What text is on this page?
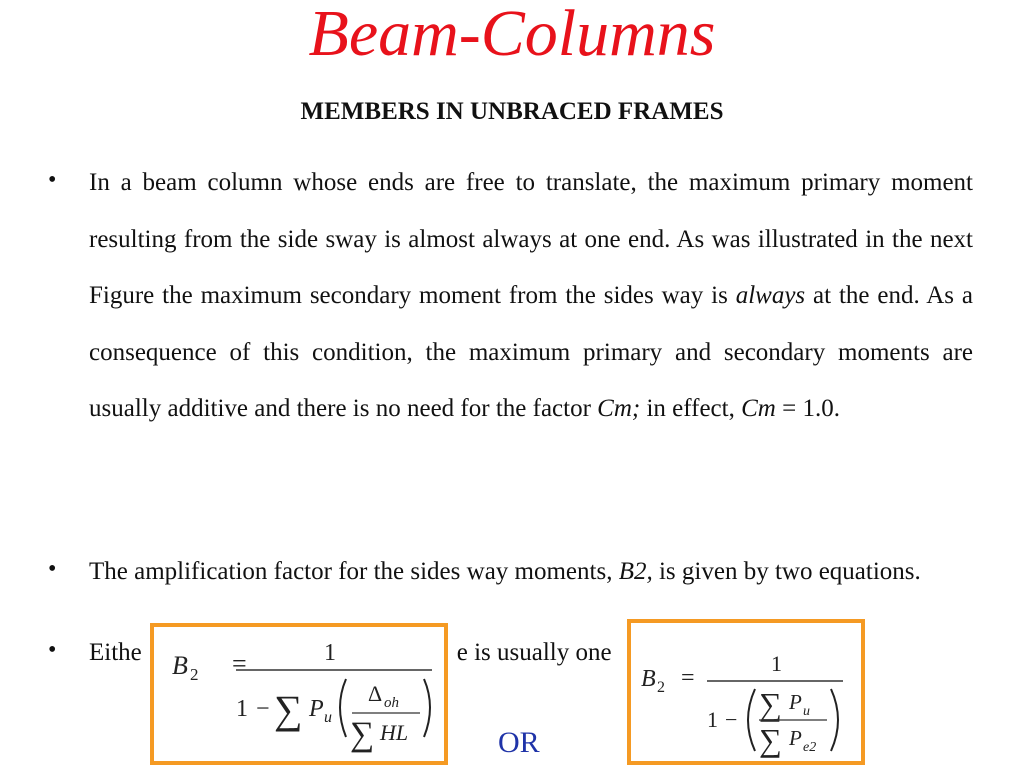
Beam-Columns
MEMBERS IN UNBRACED FRAMES
• In a beam column whose ends are free to translate, the maximum primary moment resulting from the side sway is almost always at one end. As was illustrated in the next Figure the maximum secondary moment from the sides way is always at the end. As a consequence of this condition, the maximum primary and secondary moments are usually additive and there is no need for the factor Cm; in effect, Cm = 1.0.
• The amplification factor for the sides way moments, B2, is given by two equations.
• Eithe	e is usually one
B 2 =	1
1 − ∑ P u
Δ oh
∑ HL
B 2 =
1
1 − ∑ P u
∑ P e2
OR
